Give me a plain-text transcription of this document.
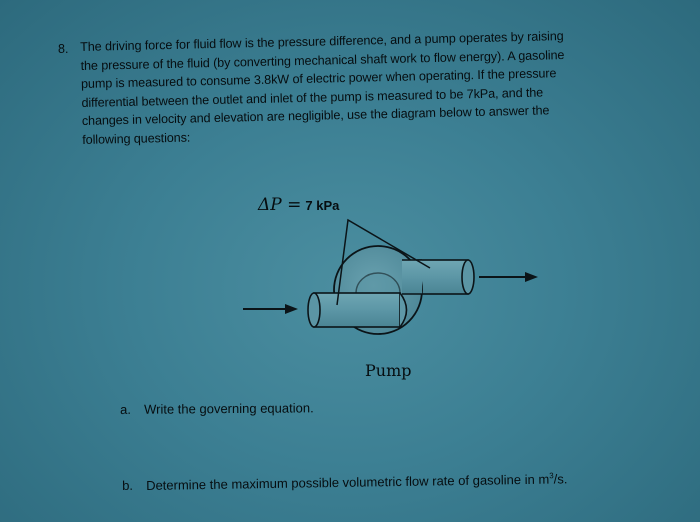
8. The driving force for fluid flow is the pressure difference, and a pump operates by raising
the pressure of the fluid (by converting mechanical shaft work to flow energy). A gasoline
pump is measured to consume 3.8kW of electric power when operating. If the pressure
differential between the outlet and inlet of the pump is measured to be 7kPa, and the
changes in velocity and elevation are negligible, use the diagram below to answer the
following questions:
ΔP = 7 kPa
Pump
a. Write the governing equation.
b. Determine the maximum possible volumetric flow rate of gasoline in $m^3/s$.
